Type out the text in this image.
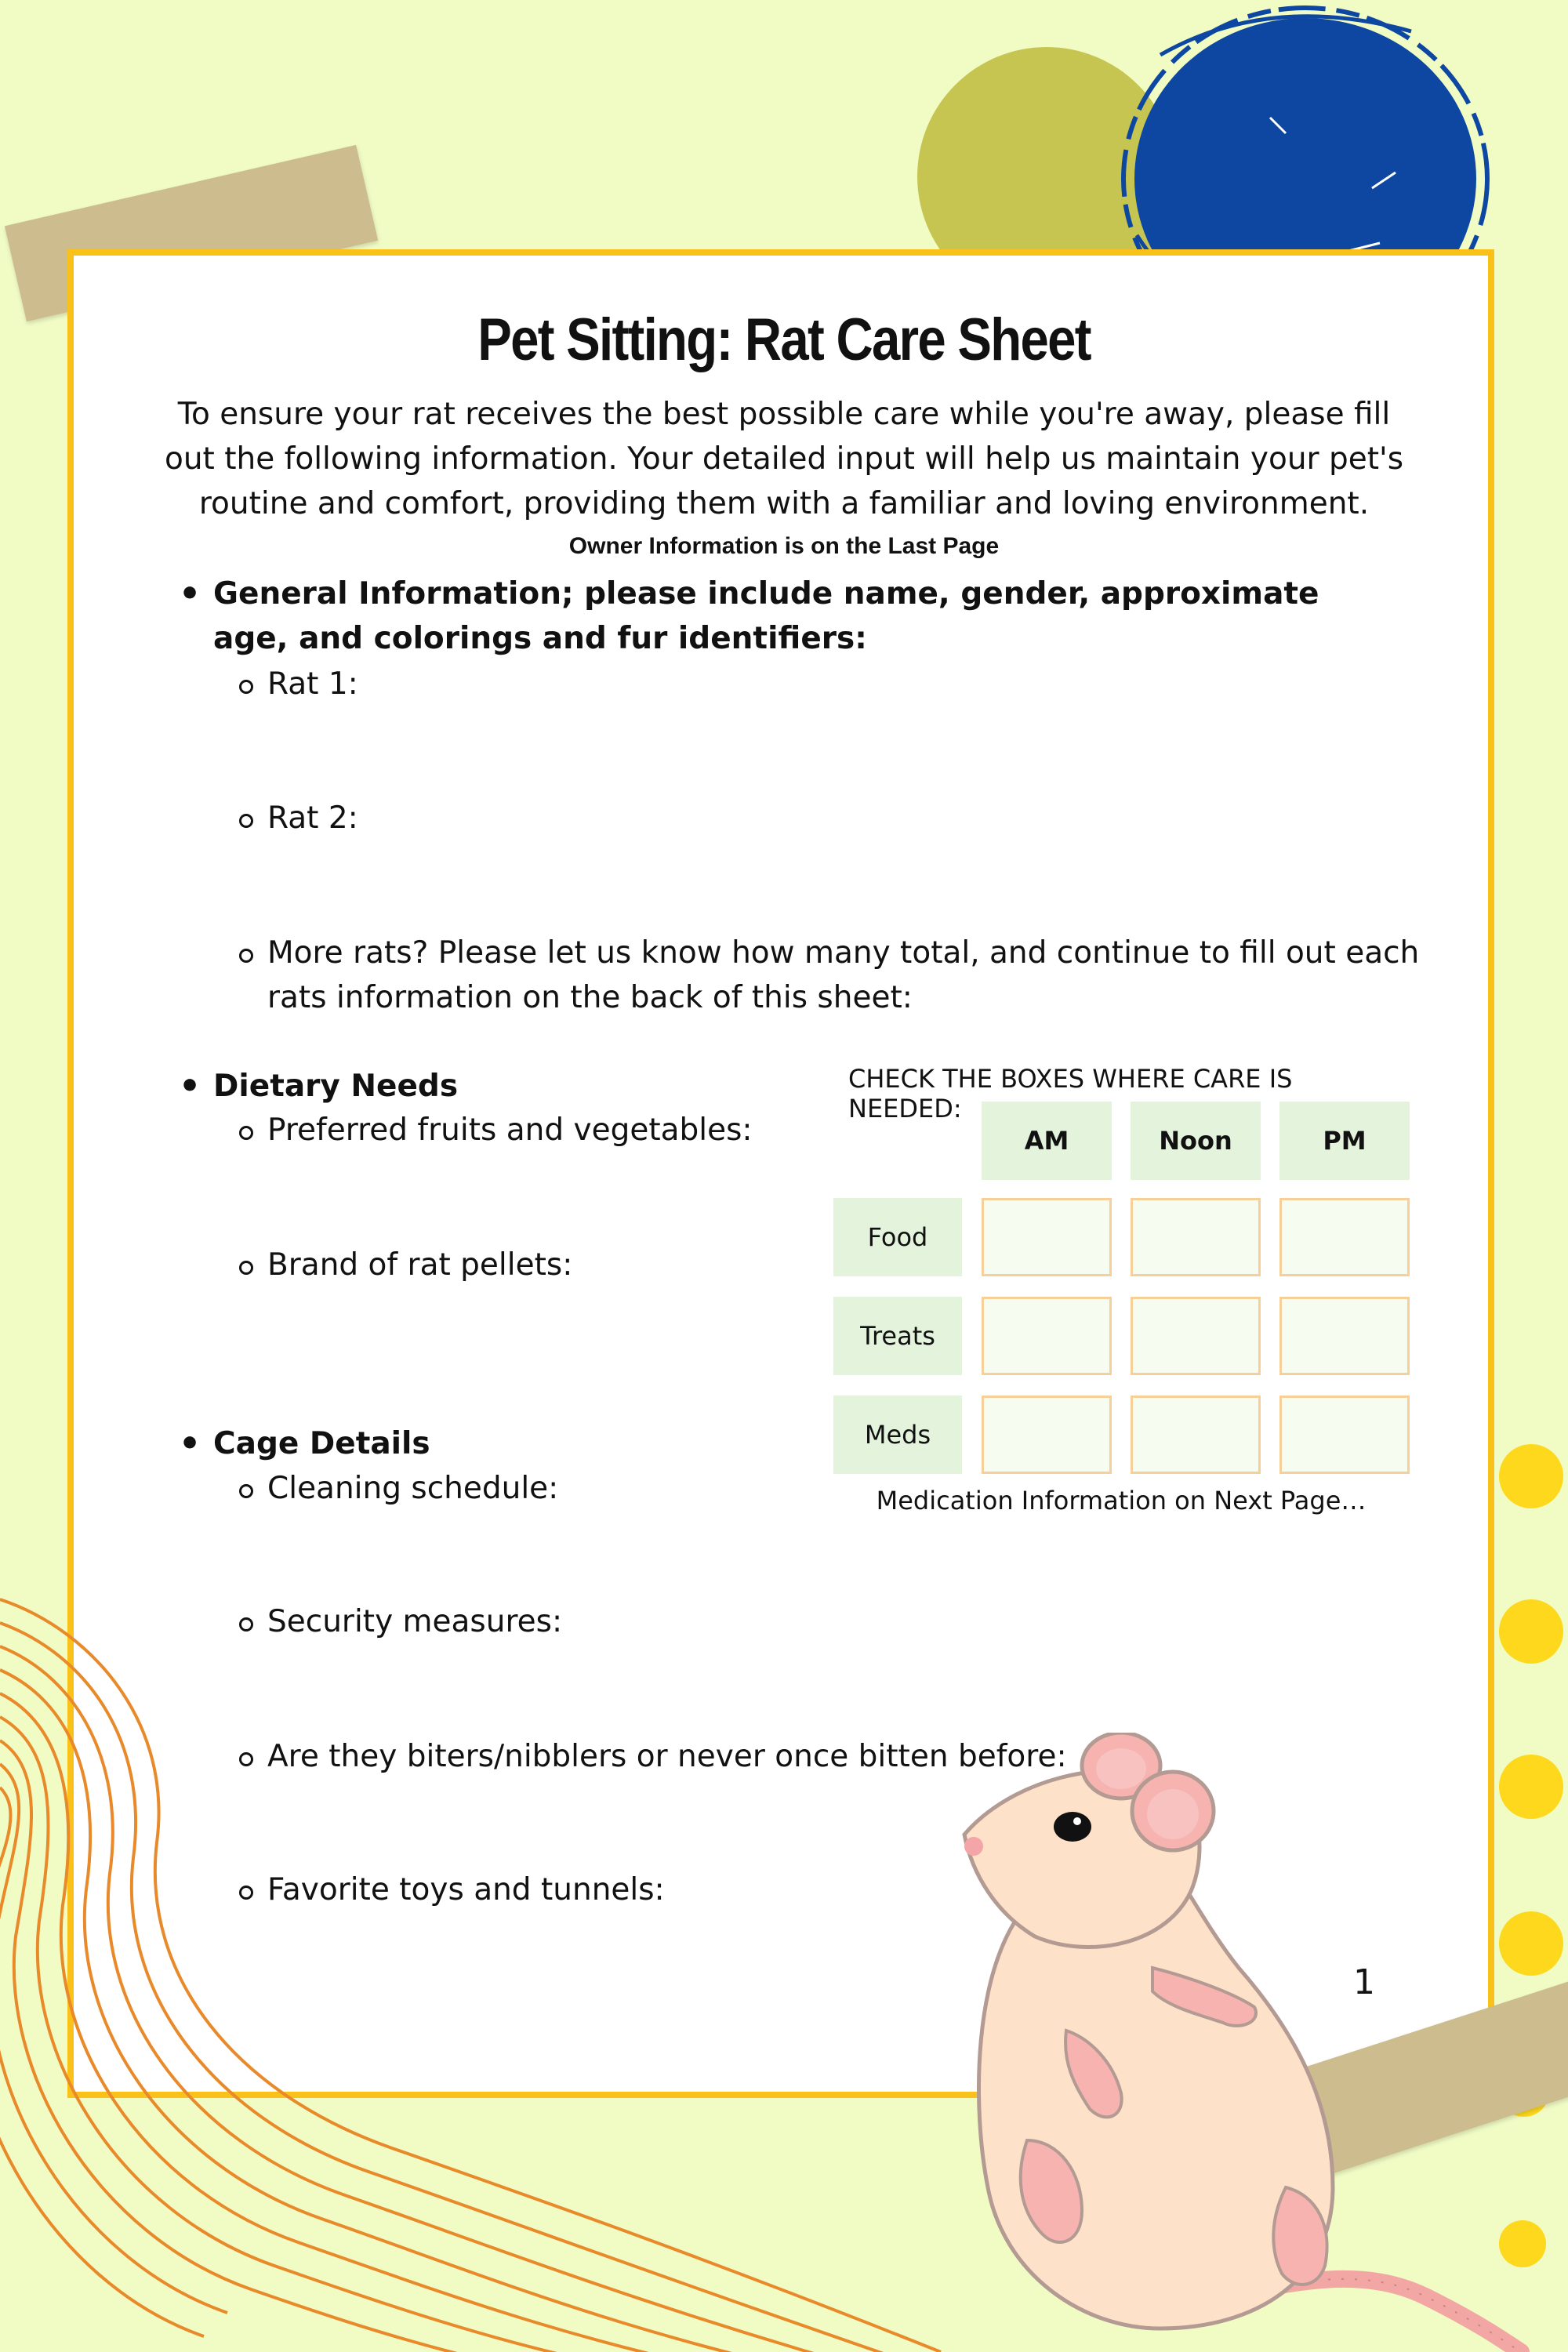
Pet Sitting: Rat Care Sheet
To ensure your rat receives the best possible care while you're away, please fill out the following information. Your detailed input will help us maintain your pet's routine and comfort, providing them with a familiar and loving environment.
Owner Information is on the Last Page
• General Information; please include name, gender, approximate age, and colorings and fur identifiers:
Rat 1:
Rat 2:
More rats? Please let us know how many total, and continue to fill out each rats information on the back of this sheet:
• Dietary Needs
Preferred fruits and vegetables:
Brand of rat pellets:
• Cage Details
Cleaning schedule:
Security measures:
Are they biters/nibblers or never once bitten before:
Favorite toys and tunnels:
CHECK THE BOXES WHERE CARE IS NEEDED:
AM	Noon	PM
Food
Treats
Meds
Medication Information on Next Page…
1
